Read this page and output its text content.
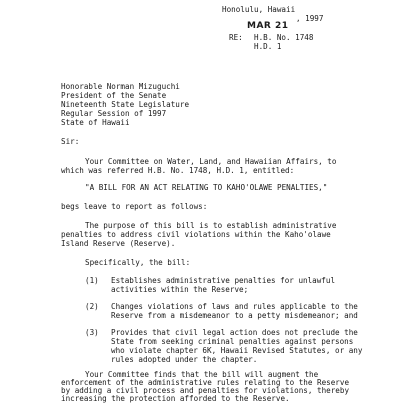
Honolulu, Hawaii
MAR 21
, 1997
RE: H.B. No. 1748
H.D. 1
Honorable Norman Mizuguchi
President of the Senate
Nineteenth State Legislature
Regular Session of 1997
State of Hawaii
Sir:
Your Committee on Water, Land, and Hawaiian Affairs, to
which was referred H.B. No. 1748, H.D. 1, entitled:
"A BILL FOR AN ACT RELATING TO KAHO'OLAWE PENALTIES,"
begs leave to report as follows:
The purpose of this bill is to establish administrative
penalties to address civil violations within the Kaho'olawe
Island Reserve (Reserve).
Specifically, the bill:
(1) Establishes administrative penalties for unlawful
activities within the Reserve;
(2) Changes violations of laws and rules applicable to the
Reserve from a misdemeanor to a petty misdemeanor; and
(3) Provides that civil legal action does not preclude the
State from seeking criminal penalties against persons
who violate chapter 6K, Hawaii Revised Statutes, or any
rules adopted under the chapter.
Your Committee finds that the bill will augment the
enforcement of the administrative rules relating to the Reserve
by adding a civil process and penalties for violations, thereby
increasing the protection afforded to the Reserve.
